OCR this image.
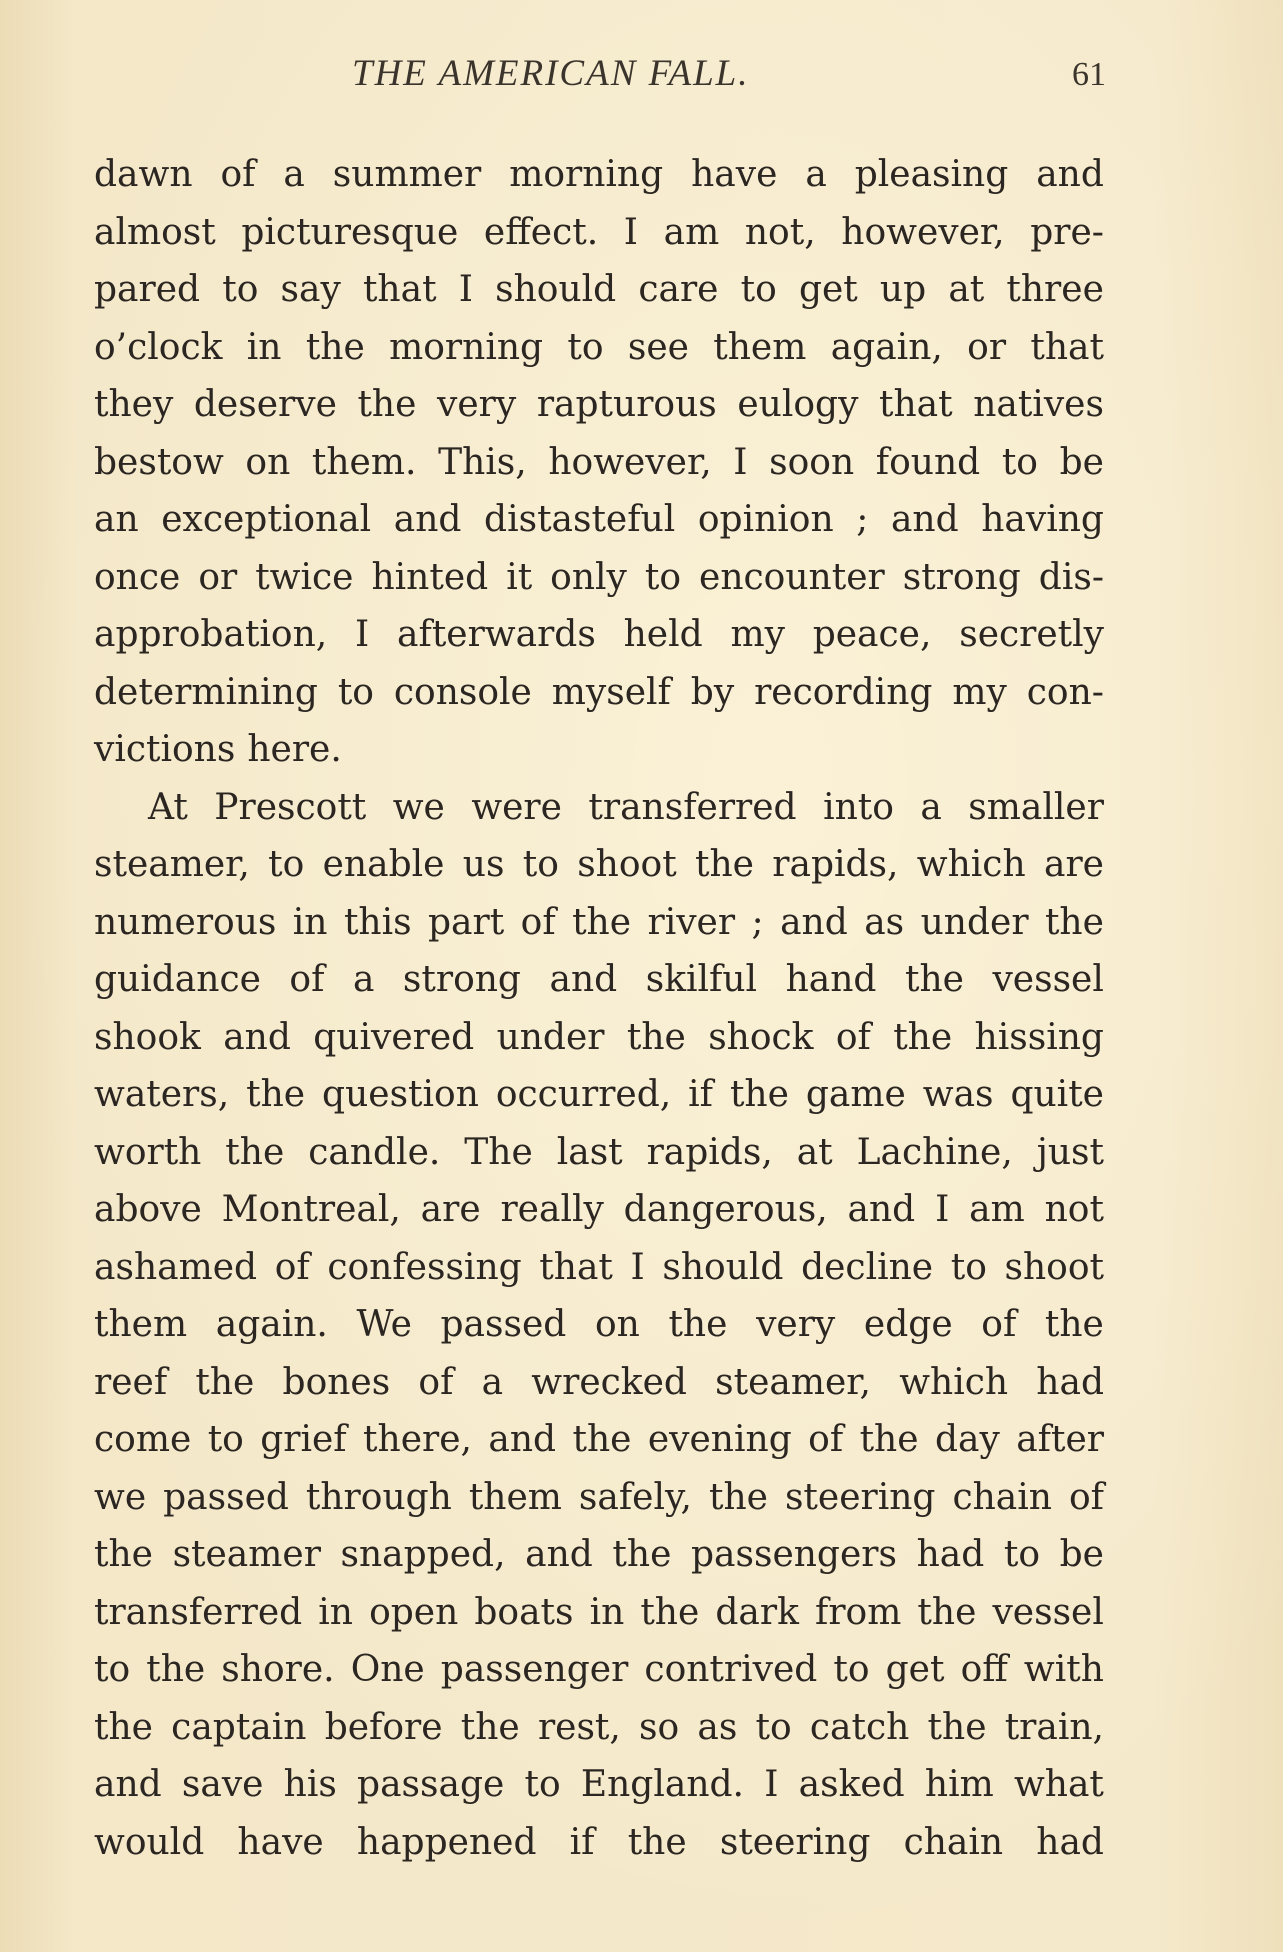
THE AMERICAN FALL.	61
dawn of a summer morning have a pleasing and
almost picturesque effect. I am not, however, pre-
pared to say that I should care to get up at three
o’clock in the morning to see them again, or that
they deserve the very rapturous eulogy that natives
bestow on them. This, however, I soon found to be
an exceptional and distasteful opinion ; and having
once or twice hinted it only to encounter strong dis-
approbation, I afterwards held my peace, secretly
determining to console myself by recording my con-
victions here.
At Prescott we were transferred into a smaller
steamer, to enable us to shoot the rapids, which are
numerous in this part of the river ; and as under the
guidance of a strong and skilful hand the vessel
shook and quivered under the shock of the hissing
waters, the question occurred, if the game was quite
worth the candle. The last rapids, at Lachine, just
above Montreal, are really dangerous, and I am not
ashamed of confessing that I should decline to shoot
them again. We passed on the very edge of the
reef the bones of a wrecked steamer, which had
come to grief there, and the evening of the day after
we passed through them safely, the steering chain of
the steamer snapped, and the passengers had to be
transferred in open boats in the dark from the vessel
to the shore. One passenger contrived to get off with
the captain before the rest, so as to catch the train,
and save his passage to England. I asked him what
would have happened if the steering chain had
